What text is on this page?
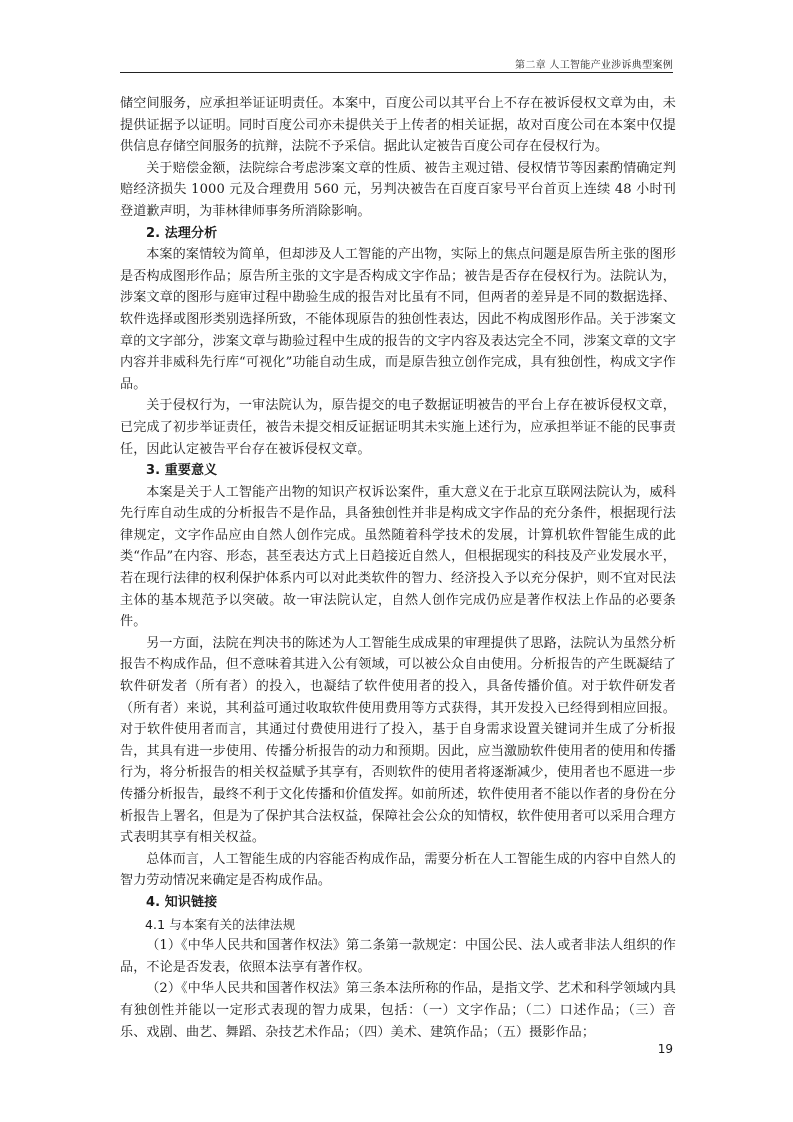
第二章 人工智能产业涉诉典型案例

储空间服务，应承担举证证明责任。本案中，百度公司以其平台上不存在被诉侵权文章为由，未提供证据予以证明。同时百度公司亦未提供关于上传者的相关证据，故对百度公司在本案中仅提供信息存储空间服务的抗辩，法院不予采信。据此认定被告百度公司存在侵权行为。

关于赔偿金额，法院综合考虑涉案文章的性质、被告主观过错、侵权情节等因素酌情确定判赔经济损失 1000 元及合理费用 560 元，另判决被告在百度百家号平台首页上连续 48 小时刊登道歉声明，为菲林律师事务所消除影响。

2. 法理分析

本案的案情较为简单，但却涉及人工智能的产出物，实际上的焦点问题是原告所主张的图形是否构成图形作品；原告所主张的文字是否构成文字作品；被告是否存在侵权行为。法院认为，涉案文章的图形与庭审过程中勘验生成的报告对比虽有不同，但两者的差异是不同的数据选择、软件选择或图形类别选择所致，不能体现原告的独创性表达，因此不构成图形作品。关于涉案文章的文字部分，涉案文章与勘验过程中生成的报告的文字内容及表达完全不同，涉案文章的文字内容并非威科先行库“可视化”功能自动生成，而是原告独立创作完成，具有独创性，构成文字作品。

关于侵权行为，一审法院认为，原告提交的电子数据证明被告的平台上存在被诉侵权文章，已完成了初步举证责任，被告未提交相反证据证明其未实施上述行为，应承担举证不能的民事责任，因此认定被告平台存在被诉侵权文章。

3. 重要意义

本案是关于人工智能产出物的知识产权诉讼案件，重大意义在于北京互联网法院认为，威科先行库自动生成的分析报告不是作品，具备独创性并非是构成文字作品的充分条件，根据现行法律规定，文字作品应由自然人创作完成。虽然随着科学技术的发展，计算机软件智能生成的此类“作品”在内容、形态，甚至表达方式上日趋接近自然人，但根据现实的科技及产业发展水平，若在现行法律的权利保护体系内可以对此类软件的智力、经济投入予以充分保护，则不宜对民法主体的基本规范予以突破。故一审法院认定，自然人创作完成仍应是著作权法上作品的必要条件。

另一方面，法院在判决书的陈述为人工智能生成成果的审理提供了思路，法院认为虽然分析报告不构成作品，但不意味着其进入公有领域，可以被公众自由使用。分析报告的产生既凝结了软件研发者（所有者）的投入，也凝结了软件使用者的投入，具备传播价值。对于软件研发者（所有者）来说，其利益可通过收取软件使用费用等方式获得，其开发投入已经得到相应回报。对于软件使用者而言，其通过付费使用进行了投入，基于自身需求设置关键词并生成了分析报告，其具有进一步使用、传播分析报告的动力和预期。因此，应当激励软件使用者的使用和传播行为，将分析报告的相关权益赋予其享有，否则软件的使用者将逐渐减少，使用者也不愿进一步传播分析报告，最终不利于文化传播和价值发挥。如前所述，软件使用者不能以作者的身份在分析报告上署名，但是为了保护其合法权益，保障社会公众的知情权，软件使用者可以采用合理方式表明其享有相关权益。

总体而言，人工智能生成的内容能否构成作品，需要分析在人工智能生成的内容中自然人的智力劳动情况来确定是否构成作品。

4. 知识链接

4.1 与本案有关的法律法规

（1）《中华人民共和国著作权法》第二条第一款规定：中国公民、法人或者非法人组织的作品，不论是否发表，依照本法享有著作权。

（2）《中华人民共和国著作权法》第三条本法所称的作品，是指文学、艺术和科学领域内具有独创性并能以一定形式表现的智力成果，包括：（一）文字作品；（二）口述作品；（三）音乐、戏剧、曲艺、舞蹈、杂技艺术作品；（四）美术、建筑作品；（五）摄影作品；

19
